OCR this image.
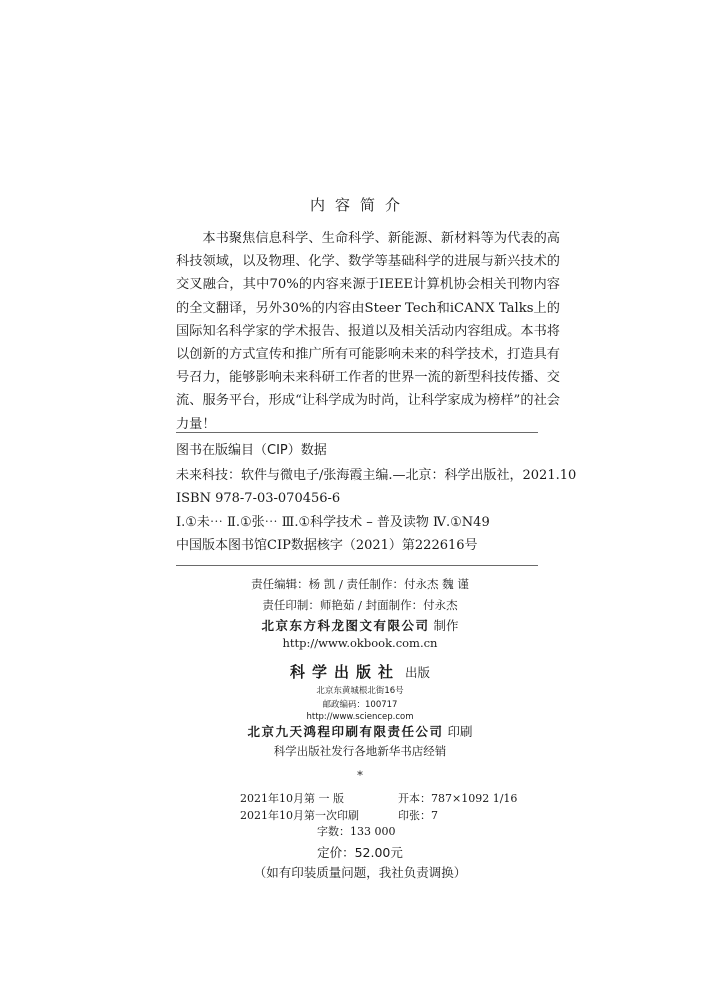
内容简介
本书聚焦信息科学、生命科学、新能源、新材料等为代表的高科技领域，以及物理、化学、数学等基础科学的进展与新兴技术的交叉融合，其中70%的内容来源于IEEE计算机协会相关刊物内容的全文翻译，另外30%的内容由Steer Tech和iCANX Talks上的国际知名科学家的学术报告、报道以及相关活动内容组成。本书将以创新的方式宣传和推广所有可能影响未来的科学技术，打造具有号召力，能够影响未来科研工作者的世界一流的新型科技传播、交流、服务平台，形成“让科学成为时尚，让科学家成为榜样”的社会力量！
图书在版编目（CIP）数据
未来科技：软件与微电子/张海霞主编.—北京：科学出版社，2021.10
ISBN 978-7-03-070456-6
Ⅰ.①未⋯ Ⅱ.①张⋯ Ⅲ.①科学技术 – 普及读物 Ⅳ.①N49
中国版本图书馆CIP数据核字（2021）第222616号
责任编辑：杨 凯 / 责任制作：付永杰 魏 谨
责任印制：师艳茹 / 封面制作：付永杰
北京东方科龙图文有限公司 制作
http://www.okbook.com.cn
科学出版社 出版
北京东黄城根北街16号
邮政编码：100717
http://www.sciencep.com
北京九天鸿程印刷有限责任公司 印刷
科学出版社发行各地新华书店经销
*
2021年10月第 一 版	开本：787×1092 1/16
2021年10月第一次印刷	印张：7
字数：133 000
定价：52.00元
（如有印装质量问题，我社负责调换）
